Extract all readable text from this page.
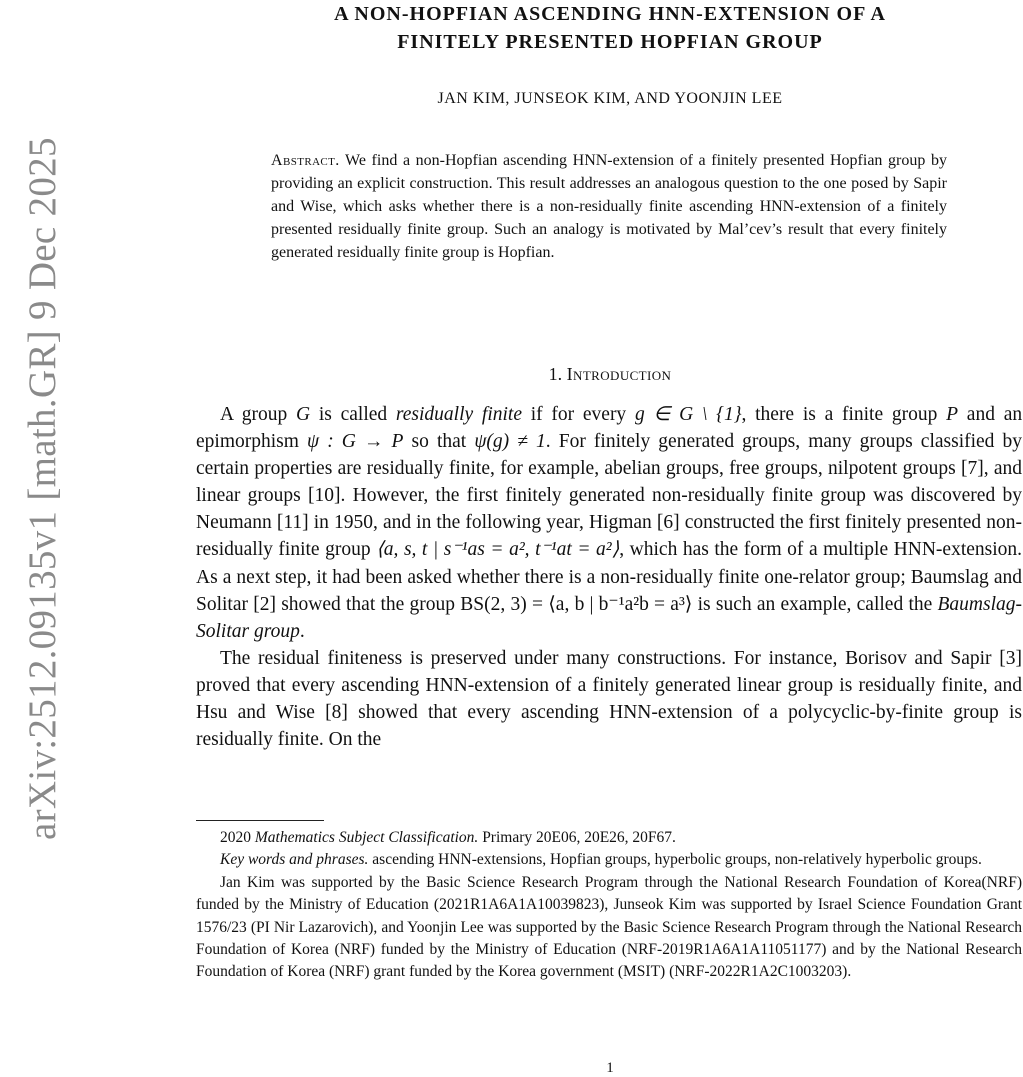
arXiv:2512.09135v1 [math.GR] 9 Dec 2025
A NON-HOPFIAN ASCENDING HNN-EXTENSION OF A
FINITELY PRESENTED HOPFIAN GROUP
JAN KIM, JUNSEOK KIM, AND YOONJIN LEE
Abstract. We find a non-Hopfian ascending HNN-extension of a finitely presented Hopfian group by providing an explicit construction. This result addresses an analogous question to the one posed by Sapir and Wise, which asks whether there is a non-residually finite ascending HNN-extension of a finitely presented residually finite group. Such an analogy is motivated by Mal’cev’s result that every finitely generated residually finite group is Hopfian.
1. Introduction

A group G is called residually finite if for every g ∈ G \ {1}, there is a finite group P and an epimorphism ψ : G → P so that ψ(g) ≠ 1. For finitely generated groups, many groups classified by certain properties are residually finite, for example, abelian groups, free groups, nilpotent groups [7], and linear groups [10]. However, the first finitely generated non-residually finite group was discovered by Neumann [11] in 1950, and in the following year, Higman [6] constructed the first finitely presented non-residually finite group ⟨a, s, t | s⁻¹as = a², t⁻¹at = a²⟩, which has the form of a multiple HNN-extension. As a next step, it had been asked whether there is a non-residually finite one-relator group; Baumslag and Solitar [2] showed that the group BS(2, 3) = ⟨a, b | b⁻¹a²b = a³⟩ is such an example, called the Baumslag-Solitar group.

The residual finiteness is preserved under many constructions. For instance, Borisov and Sapir [3] proved that every ascending HNN-extension of a finitely generated linear group is residually finite, and Hsu and Wise [8] showed that every ascending HNN-extension of a polycyclic-by-finite group is residually finite. On the

2020 Mathematics Subject Classification. Primary 20E06, 20E26, 20F67.

Key words and phrases. ascending HNN-extensions, Hopfian groups, hyperbolic groups, non-relatively hyperbolic groups.

Jan Kim was supported by the Basic Science Research Program through the National Research Foundation of Korea(NRF) funded by the Ministry of Education (2021R1A6A1A10039823), Junseok Kim was supported by Israel Science Foundation Grant 1576/23 (PI Nir Lazarovich), and Yoonjin Lee was supported by the Basic Science Research Program through the National Research Foundation of Korea (NRF) funded by the Ministry of Education (NRF-2019R1A6A1A11051177) and by the National Research Foundation of Korea (NRF) grant funded by the Korea government (MSIT) (NRF-2022R1A2C1003203).

1
